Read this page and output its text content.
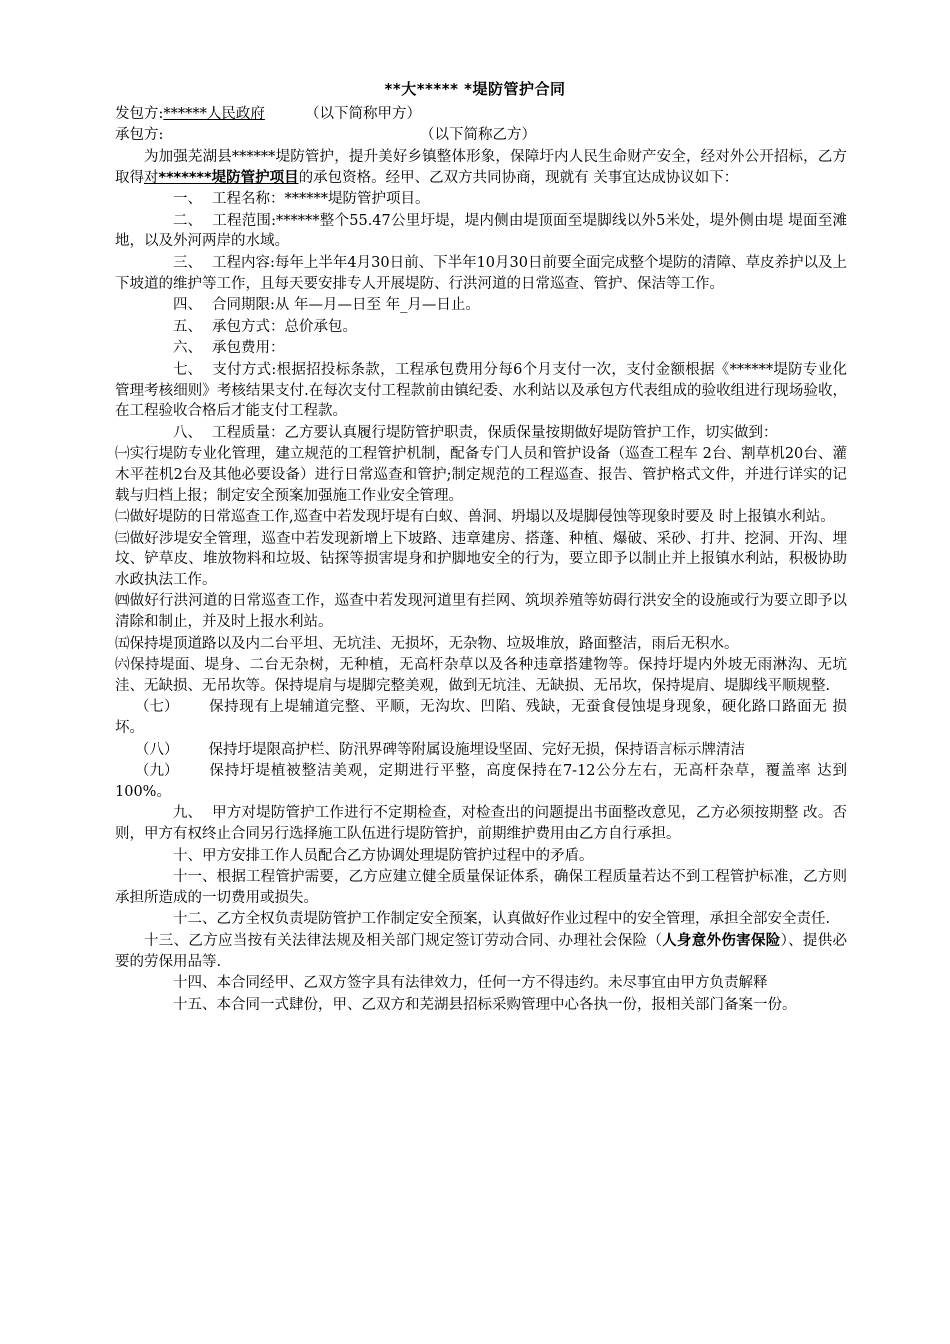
**大***** *堤防管护合同
发包方:******人民政府	（以下简称甲方）
承包方:	（以下简称乙方）

为加强芜湖县******堤防管护，提升美好乡镇整体形象，保障圩内人民生命财产安全，经对外公开招标，乙方取得对*******堤防管护项目的承包资格。经甲、乙双方共同协商，现就有 关事宜达成协议如下：

一、 工程名称：******堤防管护项目。

二、 工程范围:******整个55.47公里圩堤，堤内侧由堤顶面至堤脚线以外5米处，堤外侧由堤 堤面至滩地，以及外河两岸的水域。

三、 工程内容:每年上半年4月30日前、下半年10月30日前要全面完成整个堤防的清障、草皮养护以及上下坡道的维护等工作，且每天要安排专人开展堤防、行洪河道的日常巡查、管护、保洁等工作。

四、 合同期限:从 年—月—日至 年_月—日止。

五、 承包方式：总价承包。

六、 承包费用：

七、 支付方式:根据招投标条款，工程承包费用分每6个月支付一次，支付金额根据《******堤防专业化管理考核细则》考核结果支付.在每次支付工程款前由镇纪委、水利站以及承包方代表组成的验收组进行现场验收，在工程验收合格后才能支付工程款。

八、 工程质量：乙方要认真履行堤防管护职责，保质保量按期做好堤防管护工作，切实做到：

㈠实行堤防专业化管理，建立规范的工程管护机制，配备专门人员和管护设备（巡查工程车 2台、割草机20台、灌木平茬机2台及其他必要设备）进行日常巡查和管护;制定规范的工程巡查、报告、管护格式文件，并进行详实的记载与归档上报；制定安全预案加强施工作业安全管理。

㈡做好堤防的日常巡查工作,巡查中若发现圩堤有白蚁、兽洞、坍塌以及堤脚侵蚀等现象时要及 时上报镇水利站。

㈢做好涉堤安全管理，巡查中若发现新增上下坡路、违章建房、搭蓬、种植、爆破、采砂、打井、挖洞、开沟、埋坟、铲草皮、堆放物料和垃圾、钻探等损害堤身和护脚地安全的行为，要立即予以制止并上报镇水利站，积极协助水政执法工作。

㈣做好行洪河道的日常巡查工作，巡查中若发现河道里有拦网、筑坝养殖等妨碍行洪安全的设施或行为要立即予以清除和制止，并及时上报水利站。

㈤保持堤顶道路以及内二台平坦、无坑洼、无损坏，无杂物、垃圾堆放，路面整洁，雨后无积水。

㈥保持堤面、堤身、二台无杂树，无种植，无高杆杂草以及各种违章搭建物等。保持圩堤内外坡无雨淋沟、无坑洼、无缺损、无吊坎等。保持堤肩与堤脚完整美观，做到无坑洼、无缺损、无吊坎，保持堤肩、堤脚线平顺规整.

（七） 保持现有上堤辅道完整、平顺，无沟坎、凹陷、残缺，无蚕食侵蚀堤身现象，硬化路口路面无 损坏。

（八） 保持圩堤限高护栏、防汛界碑等附属设施埋设坚固、完好无损，保持语言标示牌清洁

（九） 保持圩堤植被整洁美观，定期进行平整，高度保持在7-12公分左右，无高杆杂草，覆盖率 达到100%。

九、 甲方对堤防管护工作进行不定期检查，对检查出的问题提出书面整改意见，乙方必须按期整 改。否则，甲方有权终止合同另行选择施工队伍进行堤防管护，前期维护费用由乙方自行承担。

十、甲方安排工作人员配合乙方协调处理堤防管护过程中的矛盾。

十一、根据工程管护需要，乙方应建立健全质量保证体系，确保工程质量若达不到工程管护标准，乙方则承担所造成的一切费用或损失。

十二、乙方全权负责堤防管护工作制定安全预案，认真做好作业过程中的安全管理，承担全部安全责任.

十三、乙方应当按有关法律法规及相关部门规定签订劳动合同、办理社会保险（人身意外伤害保险）、提供必要的劳保用品等.

十四、本合同经甲、乙双方签字具有法律效力，任何一方不得违约。未尽事宜由甲方负责解释

十五、本合同一式肆份，甲、乙双方和芜湖县招标采购管理中心各执一份，报相关部门备案一份。
